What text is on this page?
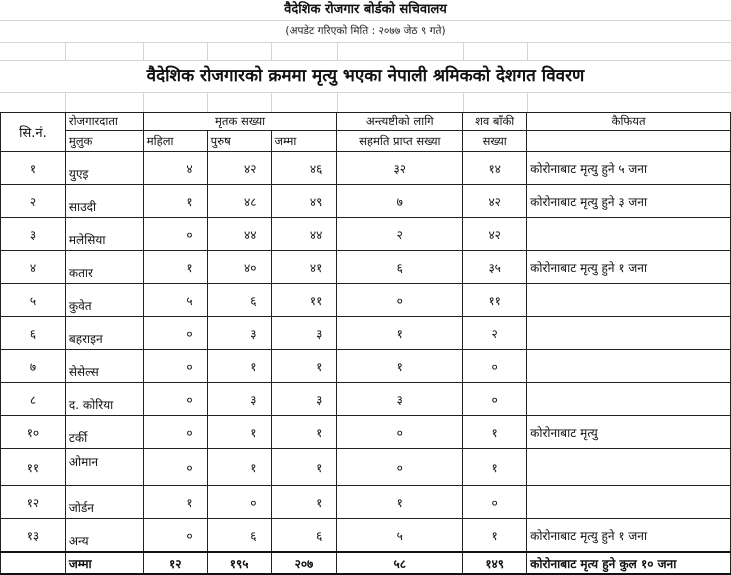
वैदेशिक रोजगार बोर्डको सचिवालय
(अपडेट गरिएको मिति : २०७७ जेठ ९ गते)
वैदेशिक रोजगारको क्रममा मृत्यु भएका नेपाली श्रमिकको देशगत विवरण
सि.नं.	रोजगारदाता	मृतक सख्या			अन्त्यष्टीको लागि	शव बाँकी	कैफियत
	मुलुक	महिला	पुरुष	जम्मा	सहमति प्राप्त सख्या	सख्या	
१	युएइ	४	४२	४६	३२	१४	कोरोनाबाट मृत्यु हुने ५ जना
२	साउदी	१	४८	४९	७	४२	कोरोनाबाट मृत्यु हुने ३ जना
३	मलेसिया	०	४४	४४	२	४२	
४	कतार	१	४०	४१	६	३५	कोरोनाबाट मृत्यु हुने १ जना
५	कुवेत	५	६	११	०	११	
६	बहराइन	०	३	३	१	२	
७	सेसेल्स	०	१	१	१	०	
८	द. कोरिया	०	३	३	३	०	
१०	टर्की	०	१	१	०	१	कोरोनाबाट मृत्यु
११	ओमान	०	१	१	०	१	
१२	जोर्डन	१	०	१	१	०	
१३	अन्य	०	६	६	५	१	कोरोनाबाट मृत्यु हुने १ जना
	जम्मा	१२	१९५	२०७	५८	१४९	कोरोनाबाट मृत्य हुने कुल १० जना
